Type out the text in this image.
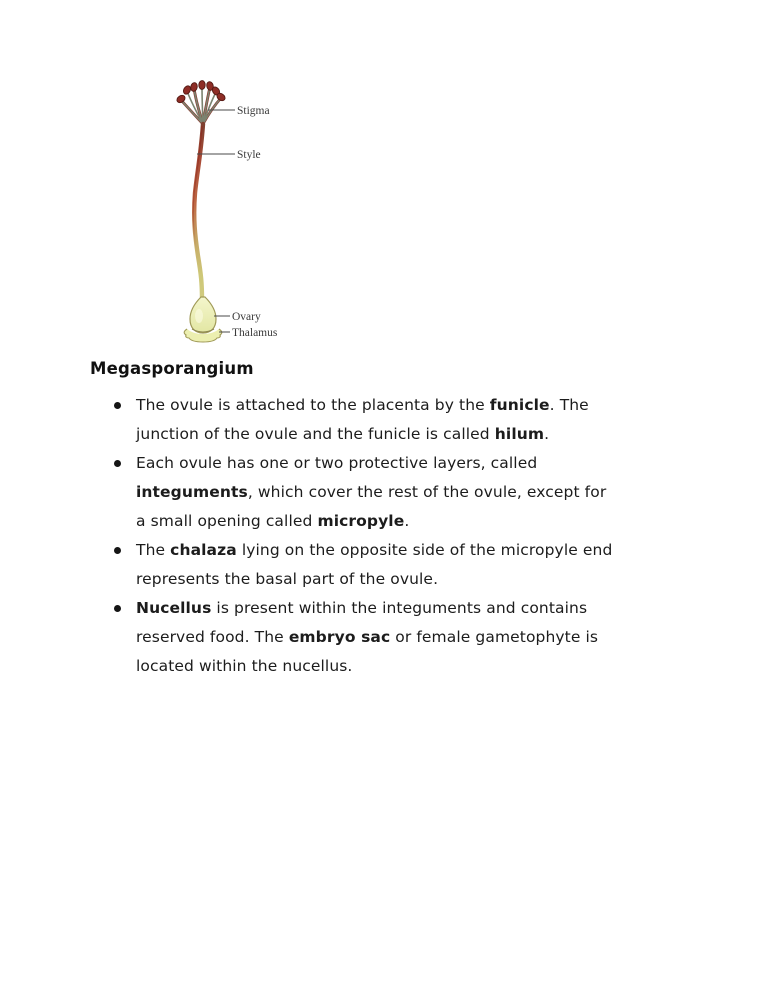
Stigma
Style
Ovary
Thalamus
Megasporangium
The ovule is attached to the placenta by the funicle. The
junction of the ovule and the funicle is called hilum.
Each ovule has one or two protective layers, called
integuments, which cover the rest of the ovule, except for
a small opening called micropyle.
The chalaza lying on the opposite side of the micropyle end
represents the basal part of the ovule.
Nucellus is present within the integuments and contains
reserved food. The embryo sac or female gametophyte is
located within the nucellus.
